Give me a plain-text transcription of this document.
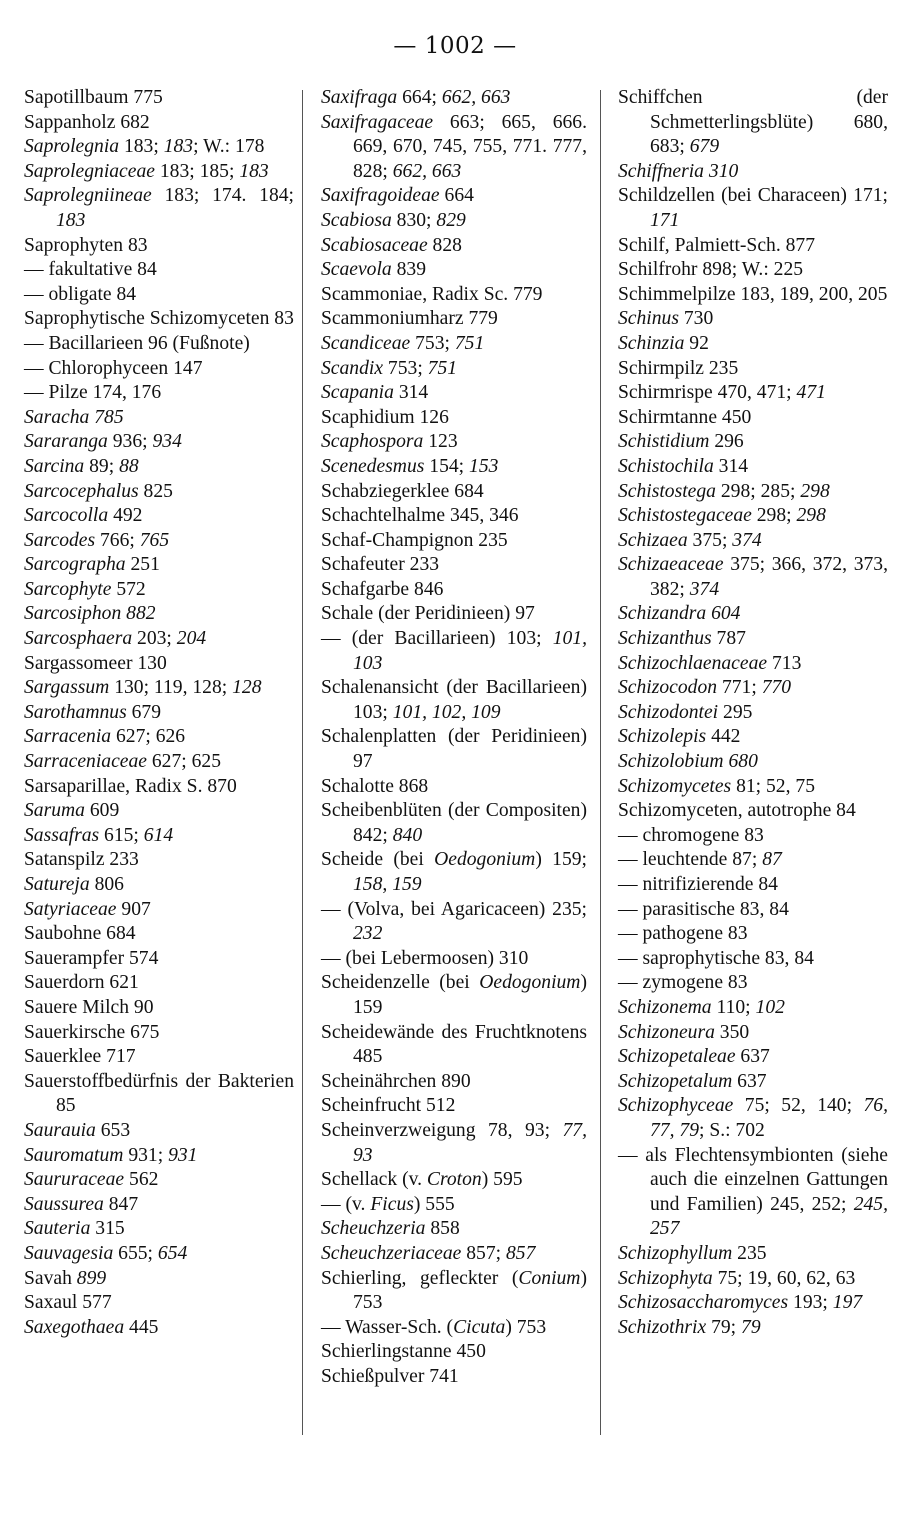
— 1002 —

Sapotillbaum 775

Sappanholz 682

Saprolegnia 183; 183; W.: 178

Saprolegniaceae 183; 185; 183

Saprolegniineae 183; 174. 184; 183

Saprophyten 83

— fakultative 84

— obligate 84

Saprophytische Schizomyceten 83

— Bacillarieen 96 (Fußnote)

— Chlorophyceen 147

— Pilze 174, 176

Saracha 785

Sararanga 936; 934

Sarcina 89; 88

Sarcocephalus 825

Sarcocolla 492

Sarcodes 766; 765

Sarcographa 251

Sarcophyte 572

Sarcosiphon 882

Sarcosphaera 203; 204

Sargassomeer 130

Sargassum 130; 119, 128; 128

Sarothamnus 679

Sarracenia 627; 626

Sarraceniaceae 627; 625

Sarsaparillae, Radix S. 870

Saruma 609

Sassafras 615; 614

Satanspilz 233

Satureja 806

Satyriaceae 907

Saubohne 684

Sauerampfer 574

Sauerdorn 621

Sauere Milch 90

Sauerkirsche 675

Sauerklee 717

Sauerstoffbedürfnis der Bakterien 85

Saurauia 653

Sauromatum 931; 931

Saururaceae 562

Saussurea 847

Sauteria 315

Sauvagesia 655; 654

Savah 899

Saxaul 577

Saxegothaea 445

Saxifraga 664; 662, 663

Saxifragaceae 663; 665, 666. 669, 670, 745, 755, 771. 777, 828; 662, 663

Saxifragoideae 664

Scabiosa 830; 829

Scabiosaceae 828

Scaevola 839

Scammoniae, Radix Sc. 779

Scammoniumharz 779

Scandiceae 753; 751

Scandix 753; 751

Scapania 314

Scaphidium 126

Scaphospora 123

Scenedesmus 154; 153

Schabziegerklee 684

Schachtelhalme 345, 346

Schaf-Champignon 235

Schafeuter 233

Schafgarbe 846

Schale (der Peridinieen) 97

— (der Bacillarieen) 103; 101, 103

Schalenansicht (der Bacillarieen) 103; 101, 102, 109

Schalenplatten (der Peridinieen) 97

Schalotte 868

Scheibenblüten (der Compositen) 842; 840

Scheide (bei Oedogonium) 159; 158, 159

— (Volva, bei Agaricaceen) 235; 232

— (bei Lebermoosen) 310

Scheidenzelle (bei Oedogonium) 159

Scheidewände des Fruchtknotens 485

Scheinährchen 890

Scheinfrucht 512

Scheinverzweigung 78, 93; 77, 93

Schellack (v. Croton) 595

— (v. Ficus) 555

Scheuchzeria 858

Scheuchzeriaceae 857; 857

Schierling, gefleckter (Conium) 753

— Wasser-Sch. (Cicuta) 753

Schierlingstanne 450

Schießpulver 741

Schiffchen (der Schmetterlingsblüte) 680, 683; 679

Schiffneria 310

Schildzellen (bei Characeen) 171; 171

Schilf, Palmiett-Sch. 877

Schilfrohr 898; W.: 225

Schimmelpilze 183, 189, 200, 205

Schinus 730

Schinzia 92

Schirmpilz 235

Schirmrispe 470, 471; 471

Schirmtanne 450

Schistidium 296

Schistochila 314

Schistostega 298; 285; 298

Schistostegaceae 298; 298

Schizaea 375; 374

Schizaeaceae 375; 366, 372, 373, 382; 374

Schizandra 604

Schizanthus 787

Schizochlaenaceae 713

Schizocodon 771; 770

Schizodontei 295

Schizolepis 442

Schizolobium 680

Schizomycetes 81; 52, 75

Schizomyceten, autotrophe 84

— chromogene 83

— leuchtende 87; 87

— nitrifizierende 84

— parasitische 83, 84

— pathogene 83

— saprophytische 83, 84

— zymogene 83

Schizonema 110; 102

Schizoneura 350

Schizopetaleae 637

Schizopetalum 637

Schizophyceae 75; 52, 140; 76, 77, 79; S.: 702

— als Flechtensymbionten (siehe auch die einzelnen Gattungen und Familien) 245, 252; 245, 257

Schizophyllum 235

Schizophyta 75; 19, 60, 62, 63

Schizosaccharomyces 193; 197

Schizothrix 79; 79
